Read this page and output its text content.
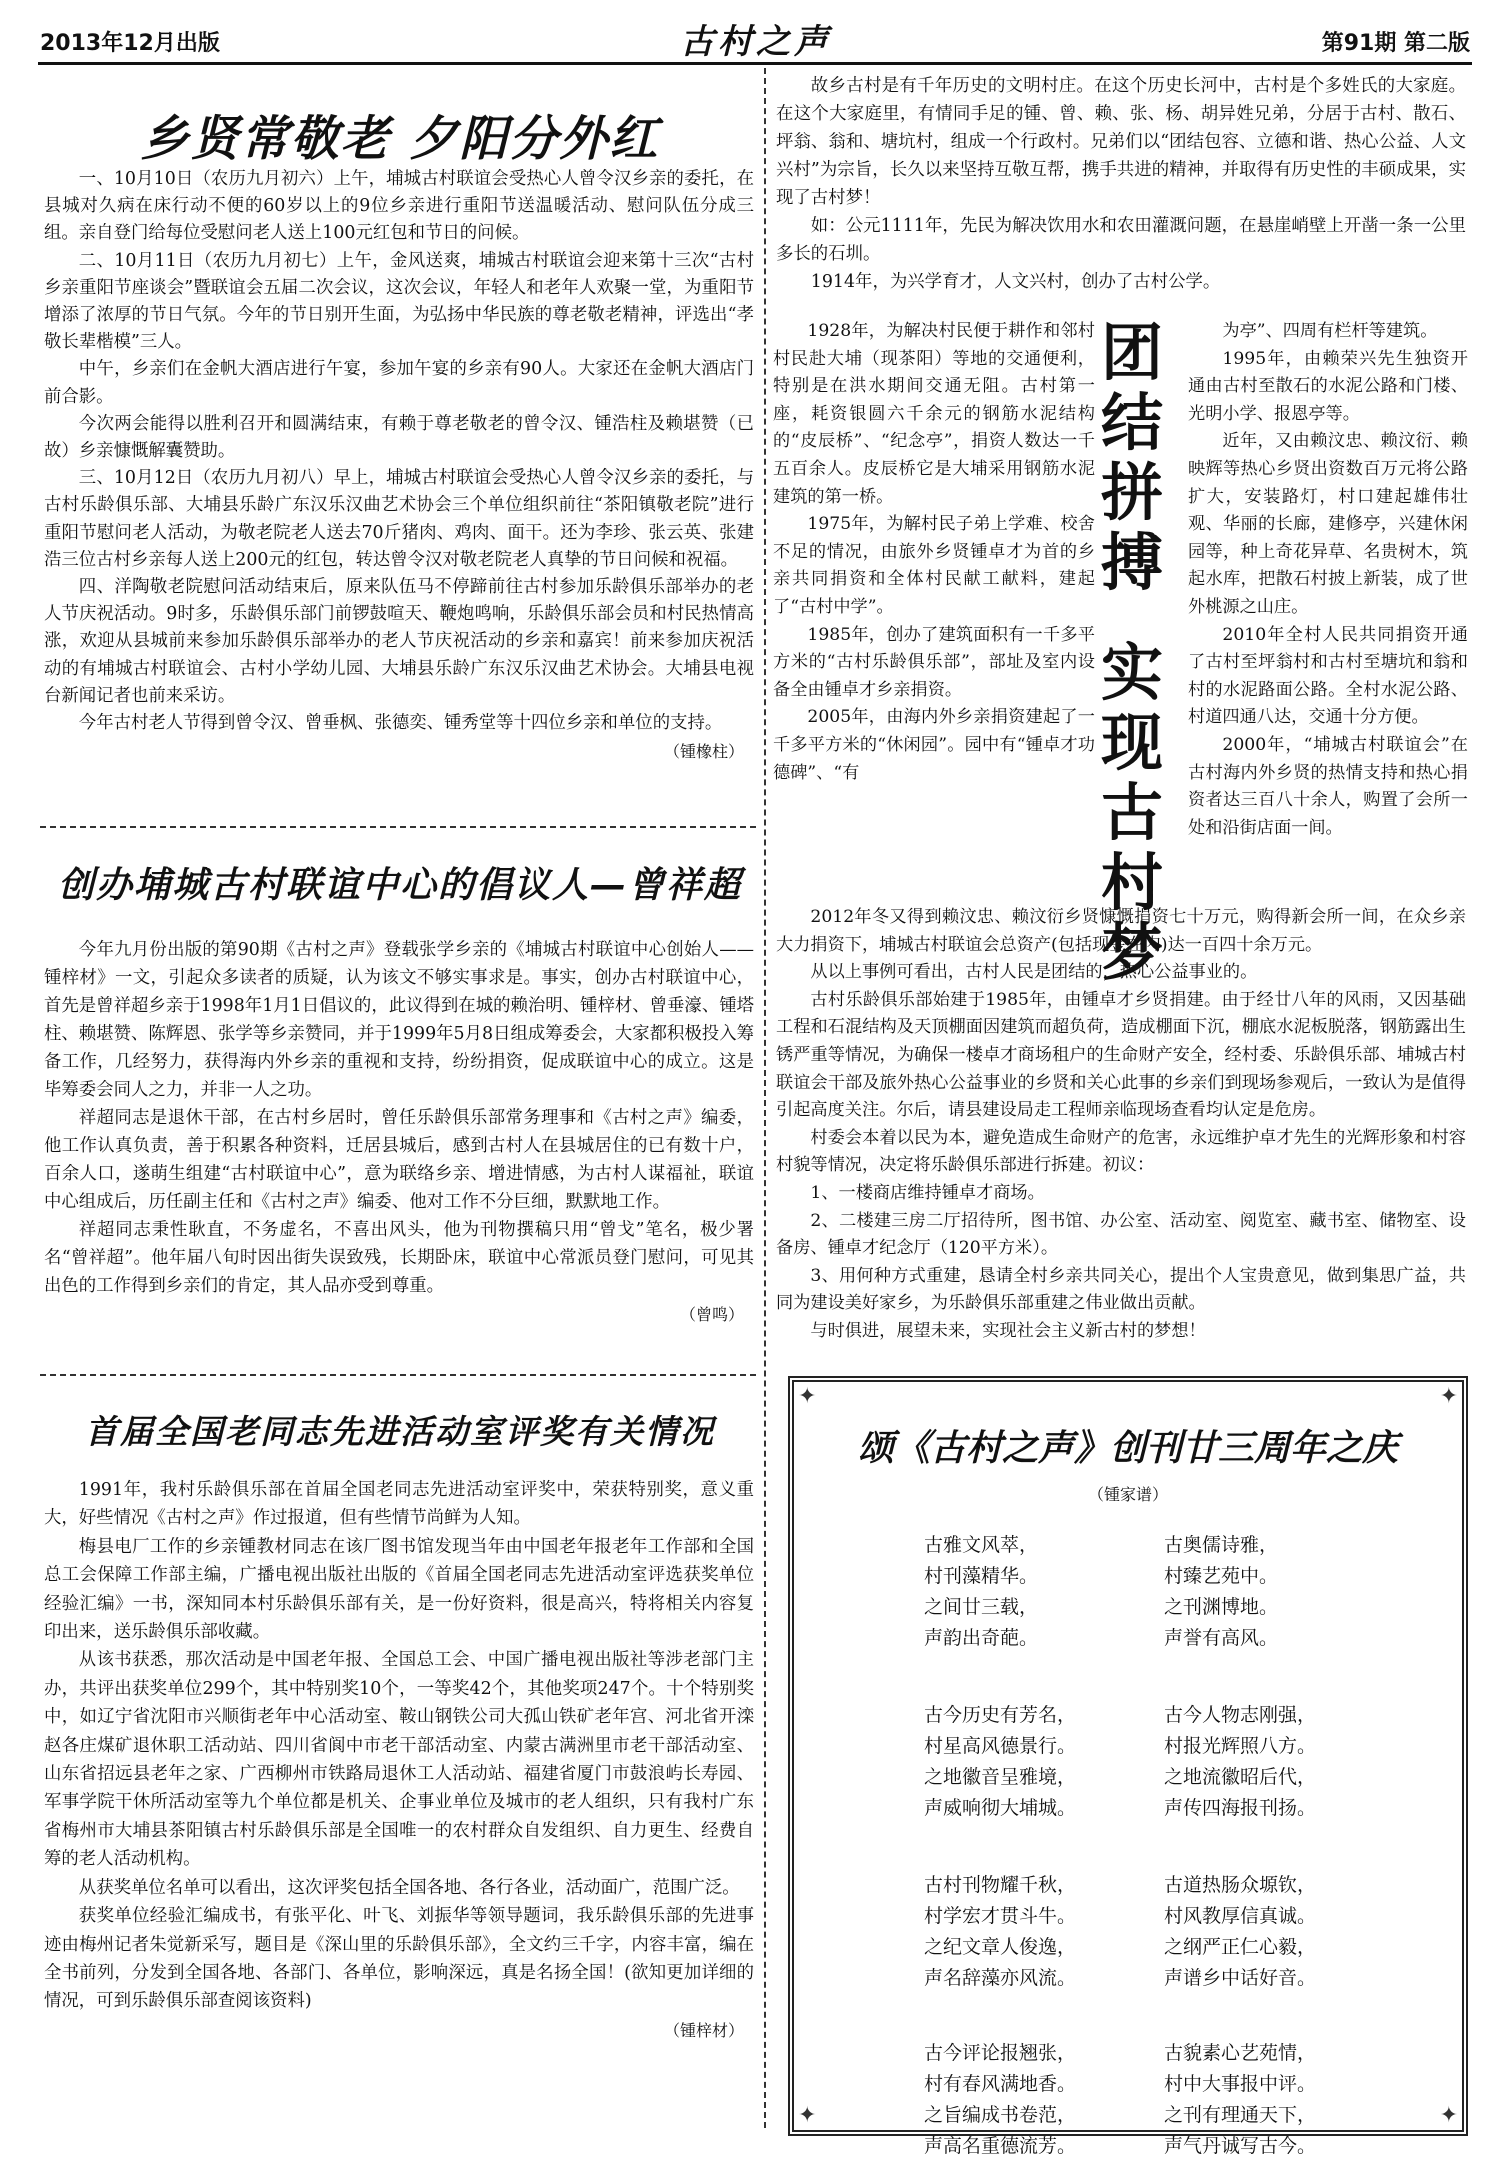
2013年12月出版	古村之声	第91期 第二版
乡贤常敬老 夕阳分外红

一、10月10日（农历九月初六）上午，埔城古村联谊会受热心人曾令汉乡亲的委托，在县城对久病在床行动不便的60岁以上的9位乡亲进行重阳节送温暖活动、慰问队伍分成三组。亲自登门给每位受慰问老人送上100元红包和节日的问候。

二、10月11日（农历九月初七）上午，金风送爽，埔城古村联谊会迎来第十三次“古村乡亲重阳节座谈会”暨联谊会五届二次会议，这次会议，年轻人和老年人欢聚一堂，为重阳节增添了浓厚的节日气氛。今年的节日别开生面，为弘扬中华民族的尊老敬老精神，评选出“孝敬长辈楷模”三人。

中午，乡亲们在金帆大酒店进行午宴，参加午宴的乡亲有90人。大家还在金帆大酒店门前合影。

今次两会能得以胜利召开和圆满结束，有赖于尊老敬老的曾令汉、锺浩柱及赖堪赞（已故）乡亲慷慨解囊赞助。

三、10月12日（农历九月初八）早上，埔城古村联谊会受热心人曾令汉乡亲的委托，与古村乐龄俱乐部、大埔县乐龄广东汉乐汉曲艺术协会三个单位组织前往“茶阳镇敬老院”进行重阳节慰问老人活动，为敬老院老人送去70斤猪肉、鸡肉、面干。还为李珍、张云英、张建浩三位古村乡亲每人送上200元的红包，转达曾令汉对敬老院老人真挚的节日问候和祝福。

四、洋陶敬老院慰问活动结束后，原来队伍马不停蹄前往古村参加乐龄俱乐部举办的老人节庆祝活动。9时多，乐龄俱乐部门前锣鼓喧天、鞭炮鸣响，乐龄俱乐部会员和村民热情高涨，欢迎从县城前来参加乐龄俱乐部举办的老人节庆祝活动的乡亲和嘉宾！前来参加庆祝活动的有埔城古村联谊会、古村小学幼儿园、大埔县乐龄广东汉乐汉曲艺术协会。大埔县电视台新闻记者也前来采访。

今年古村老人节得到曾令汉、曾垂枫、张德奕、锺秀堂等十四位乡亲和单位的支持。

（锺橡柱）
创办埔城古村联谊中心的倡议人—曾祥超

今年九月份出版的第90期《古村之声》登载张学乡亲的《埔城古村联谊中心创始人——锺梓材》一文，引起众多读者的质疑，认为该文不够实事求是。事实，创办古村联谊中心，首先是曾祥超乡亲于1998年1月1日倡议的，此议得到在城的赖治明、锺梓材、曾垂濠、锺塔柱、赖堪赞、陈辉恩、张学等乡亲赞同，并于1999年5月8日组成筹委会，大家都积极投入筹备工作，几经努力，获得海内外乡亲的重视和支持，纷纷捐资，促成联谊中心的成立。这是毕筹委会同人之力，并非一人之功。

祥超同志是退休干部，在古村乡居时，曾任乐龄俱乐部常务理事和《古村之声》编委，他工作认真负责，善于积累各种资料，迁居县城后，感到古村人在县城居住的已有数十户，百余人口，遂萌生组建“古村联谊中心”，意为联络乡亲、增进情感，为古村人谋福祉，联谊中心组成后，历任副主任和《古村之声》编委、他对工作不分巨细，默默地工作。

祥超同志秉性耿直，不务虚名，不喜出风头，他为刊物撰稿只用“曾戈”笔名，极少署名“曾祥超”。他年届八旬时因出街失误致残，长期卧床，联谊中心常派员登门慰问，可见其出色的工作得到乡亲们的肯定，其人品亦受到尊重。

（曾鸣）
首届全国老同志先进活动室评奖有关情况

1991年，我村乐龄俱乐部在首届全国老同志先进活动室评奖中，荣获特别奖，意义重大，好些情况《古村之声》作过报道，但有些情节尚鲜为人知。

梅县电厂工作的乡亲锺教材同志在该厂图书馆发现当年由中国老年报老年工作部和全国总工会保障工作部主编，广播电视出版社出版的《首届全国老同志先进活动室评选获奖单位经验汇编》一书，深知同本村乐龄俱乐部有关，是一份好资料，很是高兴，特将相关内容复印出来，送乐龄俱乐部收藏。

从该书获悉，那次活动是中国老年报、全国总工会、中国广播电视出版社等涉老部门主办，共评出获奖单位299个，其中特别奖10个，一等奖42个，其他奖项247个。十个特别奖中，如辽宁省沈阳市兴顺街老年中心活动室、鞍山钢铁公司大孤山铁矿老年宫、河北省开滦赵各庄煤矿退休职工活动站、四川省阆中市老干部活动室、内蒙古满洲里市老干部活动室、山东省招远县老年之家、广西柳州市铁路局退休工人活动站、福建省厦门市鼓浪屿长寿园、军事学院干休所活动室等九个单位都是机关、企事业单位及城市的老人组织，只有我村广东省梅州市大埔县茶阳镇古村乐龄俱乐部是全国唯一的农村群众自发组织、自力更生、经费自筹的老人活动机构。

从获奖单位名单可以看出，这次评奖包括全国各地、各行各业，活动面广，范围广泛。

获奖单位经验汇编成书，有张平化、叶飞、刘振华等领导题词，我乐龄俱乐部的先进事迹由梅州记者朱觉新采写，题目是《深山里的乐龄俱乐部》，全文约三千字，内容丰富，编在全书前列，分发到全国各地、各部门、各单位，影响深远，真是名扬全国！(欲知更加详细的情况，可到乐龄俱乐部查阅该资料)

（锺梓材）

故乡古村是有千年历史的文明村庄。在这个历史长河中，古村是个多姓氏的大家庭。在这个大家庭里，有情同手足的锺、曾、赖、张、杨、胡异姓兄弟，分居于古村、散石、坪翁、翁和、塘坑村，组成一个行政村。兄弟们以“团结包容、立德和谐、热心公益、人文兴村”为宗旨，长久以来坚持互敬互帮，携手共进的精神，并取得有历史性的丰硕成果，实现了古村梦！

如：公元1111年，先民为解决饮用水和农田灌溉问题，在悬崖峭壁上开凿一条一公里多长的石圳。

1914年，为兴学育才，人文兴村，创办了古村公学。

团
结
拼
搏
实
现
古
村
梦

1928年，为解决村民便于耕作和邻村村民赴大埔（现茶阳）等地的交通便利，特别是在洪水期间交通无阻。古村第一座，耗资银圆六千余元的钢筋水泥结构的“皮辰桥”、“纪念亭”，捐资人数达一千五百余人。皮辰桥它是大埔采用钢筋水泥建筑的第一桥。

1975年，为解村民子弟上学难、校舍不足的情况，由旅外乡贤锺卓才为首的乡亲共同捐资和全体村民献工献料，建起了“古村中学”。

1985年，创办了建筑面积有一千多平方米的“古村乐龄俱乐部”，部址及室内设备全由锺卓才乡亲捐资。

2005年，由海内外乡亲捐资建起了一千多平方米的“休闲园”。园中有“锺卓才功德碑”、“有

为亭”、四周有栏杆等建筑。

1995年，由赖荣兴先生独资开通由古村至散石的水泥公路和门楼、光明小学、报恩亭等。

近年，又由赖汶忠、赖汶衍、赖映辉等热心乡贤出资数百万元将公路扩大，安装路灯，村口建起雄伟壮观、华丽的长廊，建修亭，兴建休闲园等，种上奇花异草、名贵树木，筑起水库，把散石村披上新装，成了世外桃源之山庄。

2010年全村人民共同捐资开通了古村至坪翁村和古村至塘坑和翁和村的水泥路面公路。全村水泥公路、村道四通八达，交通十分方便。

2000年，“埔城古村联谊会”在古村海内外乡贤的热情支持和热心捐资者达三百八十余人，购置了会所一处和沿街店面一间。

2012年冬又得到赖汶忠、赖汶衍乡贤慷慨捐资七十万元，购得新会所一间，在众乡亲大力捐资下，埔城古村联谊会总资产(包括现金在内)达一百四十余万元。

从以上事例可看出，古村人民是团结的，热心公益事业的。

古村乐龄俱乐部始建于1985年，由锺卓才乡贤捐建。由于经廿八年的风雨，又因基础工程和石混结构及天顶棚面因建筑而超负荷，造成棚面下沉，棚底水泥板脱落，钢筋露出生锈严重等情况，为确保一楼卓才商场租户的生命财产安全，经村委、乐龄俱乐部、埔城古村联谊会干部及旅外热心公益事业的乡贤和关心此事的乡亲们到现场参观后，一致认为是值得引起高度关注。尔后，请县建设局走工程师亲临现场查看均认定是危房。

村委会本着以民为本，避免造成生命财产的危害，永远维护卓才先生的光辉形象和村容村貌等情况，决定将乐龄俱乐部进行拆建。初议：

1、一楼商店维持锺卓才商场。

2、二楼建三房二厅招待所，图书馆、办公室、活动室、阅览室、藏书室、储物室、设备房、锺卓才纪念厅（120平方米）。

3、用何种方式重建，恳请全村乡亲共同关心，提出个人宝贵意见，做到集思广益，共同为建设美好家乡，为乐龄俱乐部重建之伟业做出贡献。

与时俱进，展望未来，实现社会主义新古村的梦想！

✦	✦
✦	✦
颂《古村之声》创刊廿三周年之庆
（锺家谱）
古雅文风萃，	古奥儒诗雅，
村刊藻精华。	村臻艺苑中。
之间廿三载，	之刊渊博地。
声韵出奇葩。	声誉有高风。
古今历史有芳名，	古今人物志刚强，
村星高风德景行。	村报光辉照八方。
之地徽音呈雅境，	之地流徽昭后代，
声威响彻大埔城。	声传四海报刊扬。
古村刊物耀千秋，	古道热肠众塬钦，
村学宏才贯斗牛。	村风教厚信真诚。
之纪文章人俊逸，	之纲严正仁心毅，
声名辞藻亦风流。	声谱乡中话好音。
古今评论报翘张，	古貌素心艺苑情，
村有春风满地香。	村中大事报中评。
之旨编成书卷范，	之刊有理通天下，
声高名重德流芳。	声气丹诚写古今。
